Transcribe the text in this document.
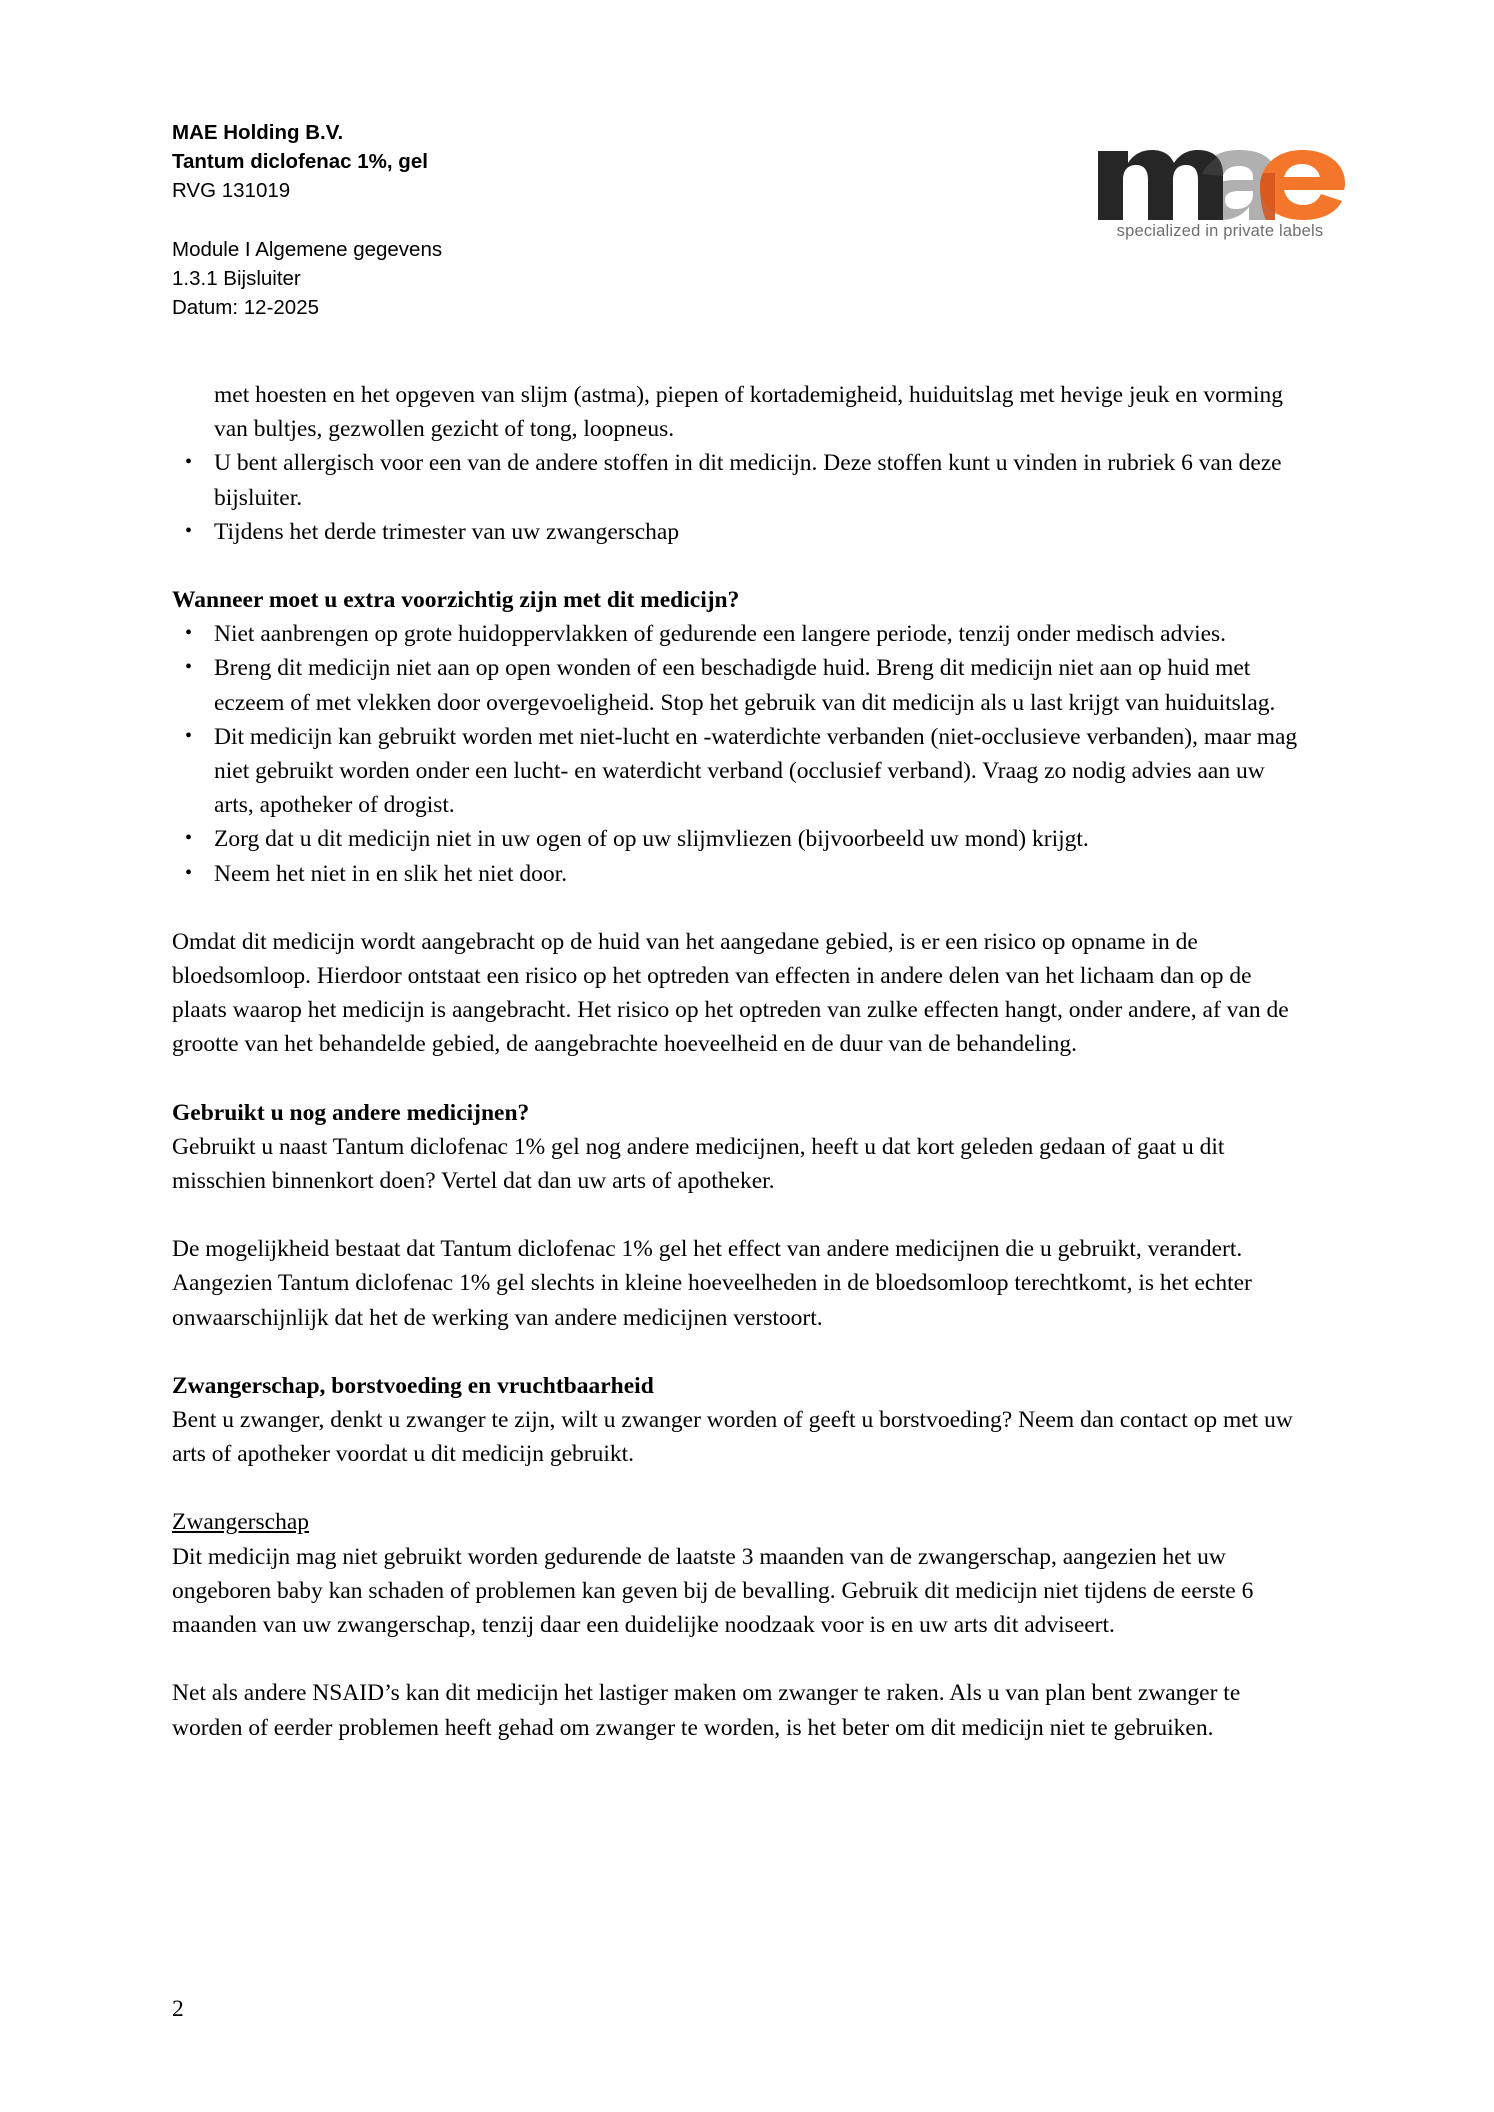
MAE Holding B.V.
Tantum diclofenac 1%, gel
RVG 131019
Module I Algemene gegevens
1.3.1 Bijsluiter
Datum: 12-2025
specialized in private labels
met hoesten en het opgeven van slijm (astma), piepen of kortademigheid, huiduitslag met hevige jeuk en vorming van bultjes, gezwollen gezicht of tong, loopneus.
• U bent allergisch voor een van de andere stoffen in dit medicijn. Deze stoffen kunt u vinden in rubriek 6 van deze bijsluiter.
• Tijdens het derde trimester van uw zwangerschap
Wanneer moet u extra voorzichtig zijn met dit medicijn?
• Niet aanbrengen op grote huidoppervlakken of gedurende een langere periode, tenzij onder medisch advies.
• Breng dit medicijn niet aan op open wonden of een beschadigde huid. Breng dit medicijn niet aan op huid met eczeem of met vlekken door overgevoeligheid. Stop het gebruik van dit medicijn als u last krijgt van huiduitslag.
• Dit medicijn kan gebruikt worden met niet-lucht en -waterdichte verbanden (niet-occlusieve verbanden), maar mag niet gebruikt worden onder een lucht- en waterdicht verband (occlusief verband). Vraag zo nodig advies aan uw arts, apotheker of drogist.
• Zorg dat u dit medicijn niet in uw ogen of op uw slijmvliezen (bijvoorbeeld uw mond) krijgt.
• Neem het niet in en slik het niet door.

Omdat dit medicijn wordt aangebracht op de huid van het aangedane gebied, is er een risico op opname in de bloedsomloop. Hierdoor ontstaat een risico op het optreden van effecten in andere delen van het lichaam dan op de plaats waarop het medicijn is aangebracht. Het risico op het optreden van zulke effecten hangt, onder andere, af van de grootte van het behandelde gebied, de aangebrachte hoeveelheid en de duur van de behandeling.

Gebruikt u nog andere medicijnen?

Gebruikt u naast Tantum diclofenac 1% gel nog andere medicijnen, heeft u dat kort geleden gedaan of gaat u dit misschien binnenkort doen? Vertel dat dan uw arts of apotheker.

De mogelijkheid bestaat dat Tantum diclofenac 1% gel het effect van andere medicijnen die u gebruikt, verandert. Aangezien Tantum diclofenac 1% gel slechts in kleine hoeveelheden in de bloedsomloop terechtkomt, is het echter onwaarschijnlijk dat het de werking van andere medicijnen verstoort.

Zwangerschap, borstvoeding en vruchtbaarheid

Bent u zwanger, denkt u zwanger te zijn, wilt u zwanger worden of geeft u borstvoeding? Neem dan contact op met uw arts of apotheker voordat u dit medicijn gebruikt.

Zwangerschap

Dit medicijn mag niet gebruikt worden gedurende de laatste 3 maanden van de zwangerschap, aangezien het uw ongeboren baby kan schaden of problemen kan geven bij de bevalling. Gebruik dit medicijn niet tijdens de eerste 6 maanden van uw zwangerschap, tenzij daar een duidelijke noodzaak voor is en uw arts dit adviseert.

Net als andere NSAID’s kan dit medicijn het lastiger maken om zwanger te raken. Als u van plan bent zwanger te worden of eerder problemen heeft gehad om zwanger te worden, is het beter om dit medicijn niet te gebruiken.

2
